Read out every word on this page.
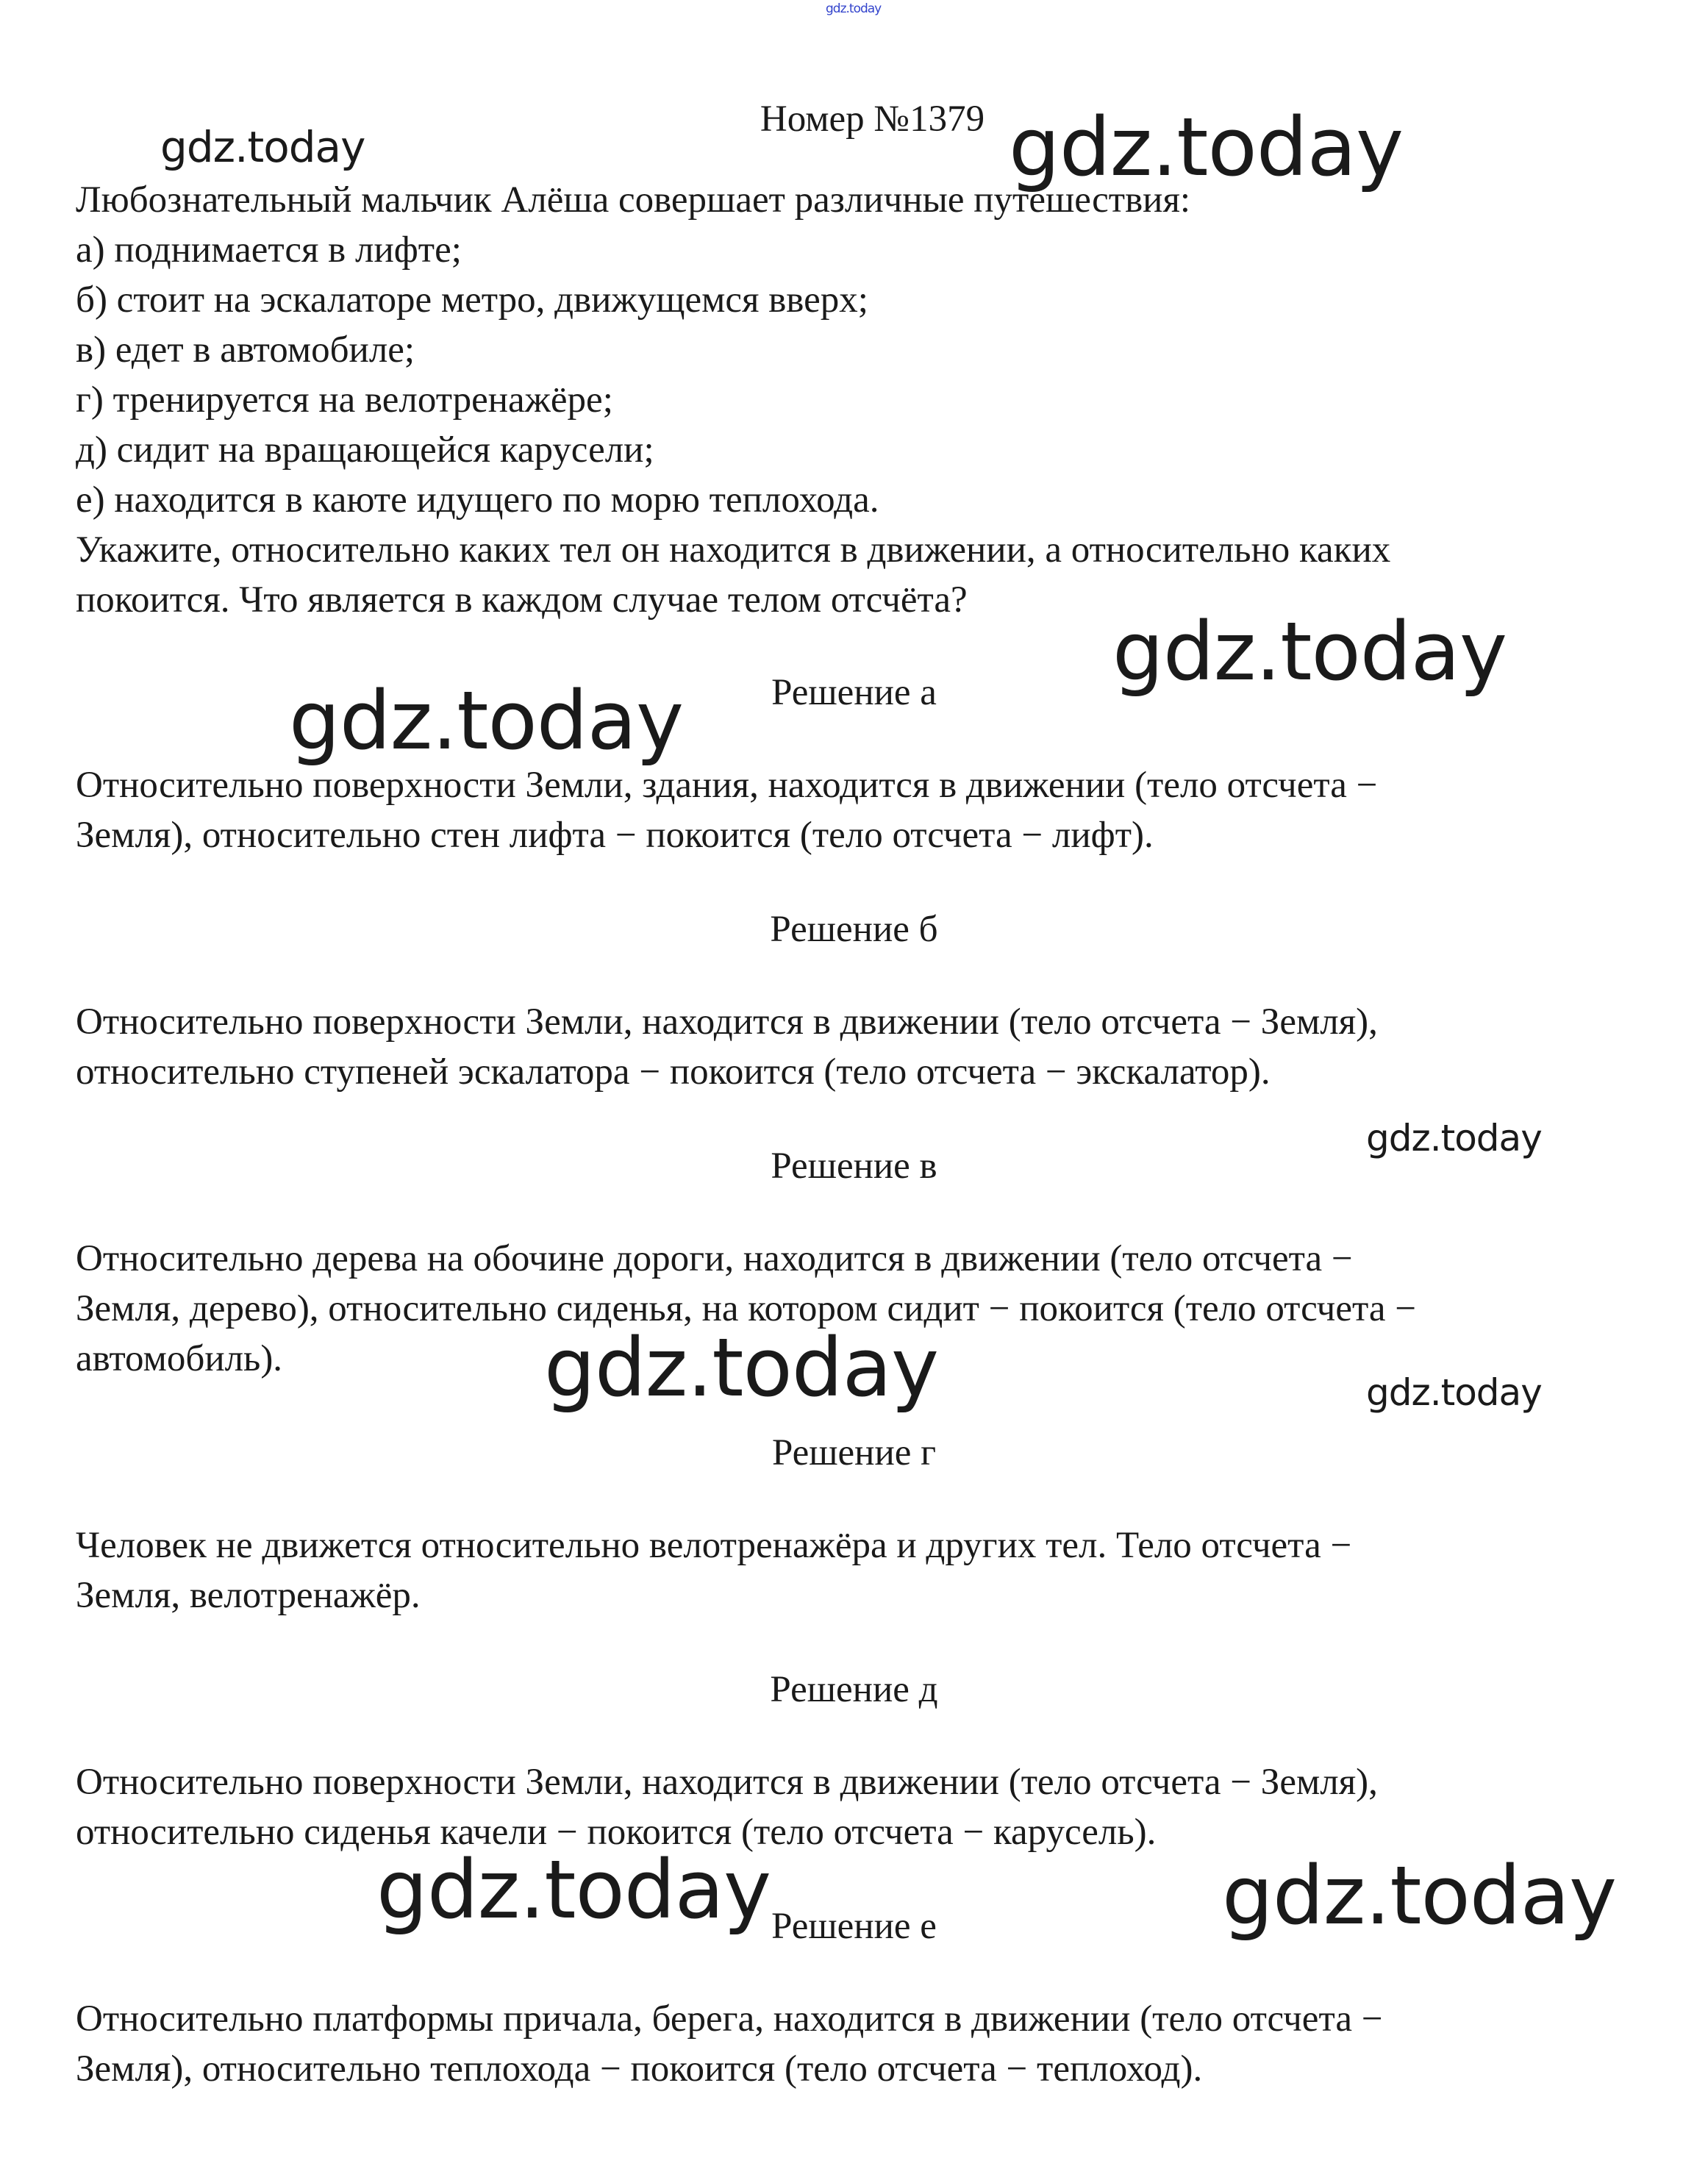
gdz.today
Номер №1379
Любознательный мальчик Алёша совершает различные путешествия:
а) поднимается в лифте;
б) стоит на эскалаторе метро, движущемся вверх;
в) едет в автомобиле;
г) тренируется на велотренажёре;
д) сидит на вращающейся карусели;
е) находится в каюте идущего по морю теплохода.
Укажите, относительно каких тел он находится в движении, а относительно каких
покоится. Что является в каждом случае телом отсчёта?
Решение а
Относительно поверхности Земли, здания, находится в движении (тело отсчета −
Земля), относительно стен лифта − покоится (тело отсчета − лифт).
Решение б
Относительно поверхности Земли, находится в движении (тело отсчета − Земля),
относительно ступеней эскалатора − покоится (тело отсчета − экскалатор).
Решение в
Относительно дерева на обочине дороги, находится в движении (тело отсчета −
Земля, дерево), относительно сиденья, на котором сидит − покоится (тело отсчета −
автомобиль).
Решение г
Человек не движется относительно велотренажёра и других тел. Тело отсчета −
Земля, велотренажёр.
Решение д
Относительно поверхности Земли, находится в движении (тело отсчета − Земля),
относительно сиденья качели − покоится (тело отсчета − карусель).
Решение е
Относительно платформы причала, берега, находится в движении (тело отсчета −
Земля), относительно теплохода − покоится (тело отсчета − теплоход).
gdz.today	gdz.today
gdz.today
gdz.today
gdz.today
gdz.today	gdz.today
gdz.today	gdz.today
